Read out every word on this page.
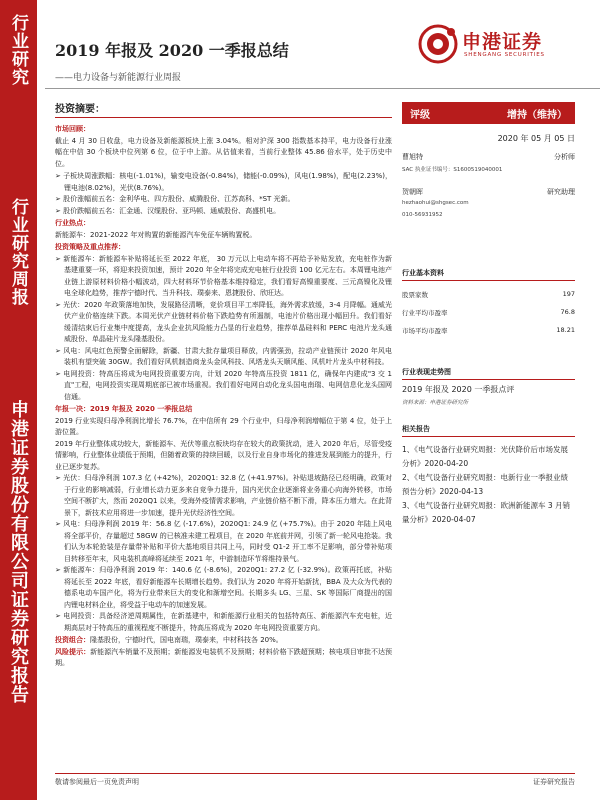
行业研究
行业研究周报
申港证券股份有限公司证券研究报告
2019 年报及 2020 一季报总结
——电力设备与新能源行业周报
申港证券
SHENGANG SECURITIES
投资摘要：
市场回顾：
截止 4 月 30 日收盘，电力设备及新能源板块上涨 3.04%。相对沪深 300 指数基本持平，电力设备行业涨幅在中信 30 个板块中位列第 6 位，位于中上游。从估值来看，当前行业整体 45.86 倍水平，处于历史中位。
➢ 子板块周涨跌幅：核电(-1.01%)，输变电设备(-0.84%)，储能(-0.09%)，风电(1.98%)，配电(2.23%)，锂电池(8.02%)，光伏(8.76%)。
➢ 股价涨幅前五名：金利华电、四方股份、威腾股份、江苏高科、*ST 光新。
➢ 股价跌幅前五名：汇金通、汉缆股份、亚玛顿、通威股份、高盛机电。
行业热点：
新能源车：2021-2022 年对购置的新能源汽车免征车辆购置税。
投资策略及重点推荐：
➢ 新能源车：新能源车补贴将延长至 2022 年底， 30 万元以上电动车将不再给予补贴发放，充电桩作为新基建重要一环，将迎来投资加速，预计 2020 年全年将完成充电桩行业投资 100 亿元左右。本周锂电池产业链上游原材料价格小幅波动，四大材料环节价格基本维持稳定，我们看好高镍重要度、三元高镍化及锂电全球化趋势，推荐宁德时代、当升科技、璞泰来、恩捷股份、欣旺达。
➢ 光伏：2020 年政策落地加快，发展路径清晰，竞价项目平工率降低，海外需求放缓，3-4 月降幅。通威光伏产业价格连续下跌。本周光伏产业链材料价格下跌趋势有所遏制，电池片价格出现小幅回升。我们看好缓清结束后行业集中度提高，龙头企业抗风险能力凸显的行业趋势，推荐单晶硅料和 PERC 电池片龙头通威股份、单晶硅片龙头隆基股份。
➢ 风电：风电红色预警全面解除，新疆、甘肃大批存量项目释放，内需强劲，拉动产业链预计 2020 年风电装机有望突破 30GW。我们看好风机制造商龙头金风科技、风塔龙头天顺风能、风机叶片龙头中材科技。
➢ 电网投资：特高压将成为电网投资重要方向，计划 2020 年特高压投资 1811 亿，确保年内建成"3 交 1 直"工程，电网投资实现周期底部已被市场重视。我们看好电网自动化龙头国电南瑞、电网信息化龙头国网信通。
年报一决：2019 年报及 2020 一季报总结
2019 行业实现归母净利润比增长 76.7%，在中信所有 29 个行业中，归母净利润增幅位于第 4 位，处于上游位置。
2019 年行业整体成功较大，新能源车、光伏等重点板块均存在较大的政策扰动，进入 2020 年后，尽管受疫情影响，行业整体业绩低于预期，但随着政策的持续回暖，以及行业自身市场化的推进发展到能力的提升，行业已逐步复苏。
➢ 光伏：归母净利润 107.3 亿 (+42%)，2020Q1: 32.8 亿 (+41.97%)。补贴退坡路径已经明确，政策对于行业的影响减弱，行业增长动力更多来自竞争力提升，国内光伏企业逐渐将业务重心向海外转移，市场空间不断扩大，然而 2020Q1 以来，受海外疫情需求影响，产业链价格不断下滑，降本压力增大。在此背景下，新技术应用将进一步加速，提升光伏经济性空间。
➢ 风电：归母净利润 2019 年：56.8 亿 (-17.6%)，2020Q1: 24.9 亿 (+75.7%)。由于 2020 年陆上风电将全部平价，存量超过 58GW 的已核准未建工程项目，在 2020 年底前并网，引领了新一轮风电抢装。我们认为本轮抢装是存量带补贴和平价大基地项目共同上马，同时受 Q1-2 开工率不足影响，部分带补贴项目转移至年末，风电装机高峰将延续至 2021 年，中游制造环节将维持景气。
➢ 新能源车：归母净利润 2019 年：140.6 亿 (-8.6%)，2020Q1: 27.2 亿 (-32.9%)。政策再托底，补贴将延长至 2022 年底，看好新能源车长期增长趋势。我们认为 2020 年将开始新扰，BBA 及大众为代表的德系电动车国产化，将为行业带来巨大的变化和渐增空间。长期多头 LG、三星、SK 等国际厂商提出的国内锂电材料企业，将受益于电动车的加速发展。
➢ 电网投资：具备经济逆周期属性，在新基建中，和新能源行业相关的包括特高压、新能源汽车充电桩，近期高层对于特高压的重视程度不断提升，特高压将成为 2020 年电网投资重要方向。
投资组合：隆基股份，宁德时代，国电南瑞，璞泰来，中材科技各 20%。
风险提示：新能源汽车销量不及预期；新能源发电装机不及预期；材料价格下跌超预期；核电项目审批不达预期。
评级	增持（维持）
2020 年 05 月 05 日
曹旭特	分析师
SAC 执业证书编号：S1600519040001
贺朝晖	研究助理
hezhaohui@shgsec.com
010-56931952
行业基本资料
股票家数	197
行业平均市盈率	76.8
市场平均市盈率	18.21
行业表现走势图
2019 年报及 2020 一季报点评
资料来源：申港证券研究所
相关报告
1、《电气设备行业研究周报：光伏降价后市场发展分析》2020-04-20
2、《电气设备行业研究周报：电新行业一季报业绩预告分析》2020-04-13
3、《电气设备行业研究周报：欧洲新能源车 3 月销量分析》2020-04-07
敬请参阅最后一页免责声明	证券研究报告
